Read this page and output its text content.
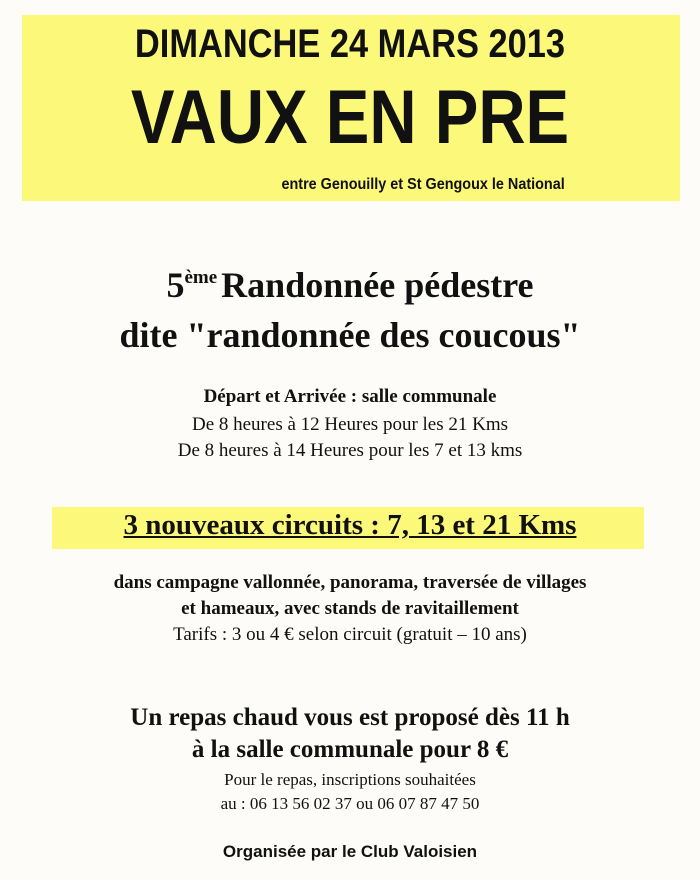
DIMANCHE 24 MARS 2013
VAUX EN PRE
entre Genouilly et St Gengoux le National
5ème Randonnée pédestre
dite "randonnée des coucous"
Départ et Arrivée : salle communale
De 8 heures à 12 Heures pour les 21 Kms
De 8 heures à 14 Heures pour les 7 et 13 kms
3 nouveaux circuits : 7, 13 et 21 Kms
dans campagne vallonnée, panorama, traversée de villages
et hameaux, avec stands de ravitaillement
Tarifs : 3 ou 4 € selon circuit (gratuit – 10 ans)
Un repas chaud vous est proposé dès 11 h
à la salle communale pour 8 €
Pour le repas, inscriptions souhaitées
au : 06 13 56 02 37 ou 06 07 87 47 50
Organisée par le Club Valoisien
